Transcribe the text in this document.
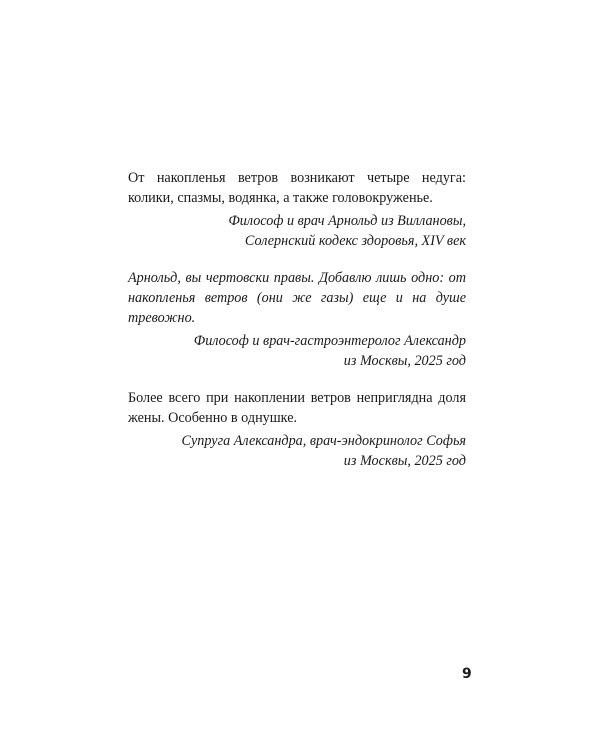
От накопленья ветров возникают четыре недуга: колики, спазмы, водянка, а также головокруженье.

Философ и врач Арнольд из Виллановы,
Солернский кодекс здоровья, XIV век

Арнольд, вы чертовски правы. Добавлю лишь одно: от накопленья ветров (они же газы) еще и на душе тревожно.

Философ и врач-гастроэнтеролог Александр
из Москвы, 2025 год

Более всего при накоплении ветров непригляднa доля жены. Особенно в однушке.

Супруга Александра, врач-эндокринолог Софья
из Москвы, 2025 год

9
